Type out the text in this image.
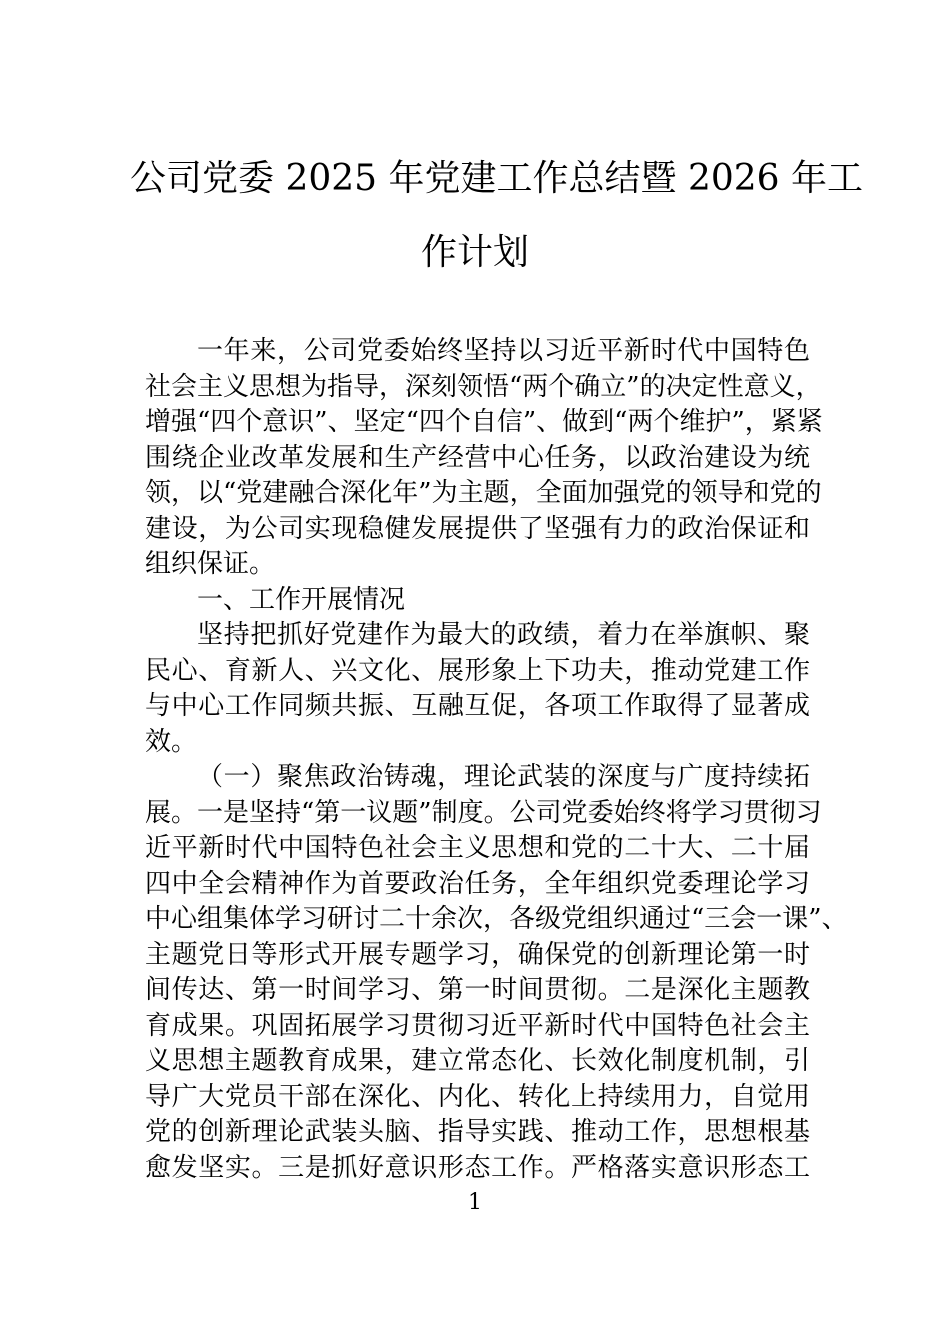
公司党委 2025 年党建工作总结暨 2026 年工
作计划
一年来，公司党委始终坚持以习近平新时代中国特色
社会主义思想为指导，深刻领悟“两个确立”的决定性意义，
增强“四个意识”、坚定“四个自信”、做到“两个维护”，紧紧
围绕企业改革发展和生产经营中心任务，以政治建设为统
领，以“党建融合深化年”为主题，全面加强党的领导和党的
建设，为公司实现稳健发展提供了坚强有力的政治保证和
组织保证。
一、工作开展情况
坚持把抓好党建作为最大的政绩，着力在举旗帜、聚
民心、育新人、兴文化、展形象上下功夫，推动党建工作
与中心工作同频共振、互融互促，各项工作取得了显著成
效。
（一）聚焦政治铸魂，理论武装的深度与广度持续拓
展。一是坚持“第一议题”制度。公司党委始终将学习贯彻习
近平新时代中国特色社会主义思想和党的二十大、二十届
四中全会精神作为首要政治任务，全年组织党委理论学习
中心组集体学习研讨二十余次，各级党组织通过“三会一课”、
主题党日等形式开展专题学习，确保党的创新理论第一时
间传达、第一时间学习、第一时间贯彻。二是深化主题教
育成果。巩固拓展学习贯彻习近平新时代中国特色社会主
义思想主题教育成果，建立常态化、长效化制度机制，引
导广大党员干部在深化、内化、转化上持续用力，自觉用
党的创新理论武装头脑、指导实践、推动工作，思想根基
愈发坚实。三是抓好意识形态工作。严格落实意识形态工
1
